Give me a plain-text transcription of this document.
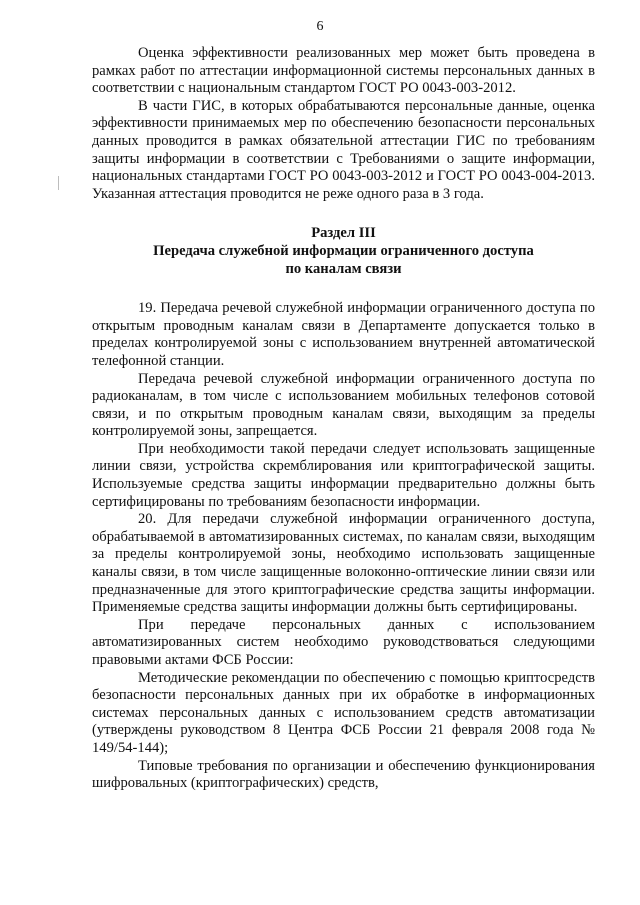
6

Оценка эффективности реализованных мер может быть проведена в рамках работ по аттестации информационной системы персональных данных в соответствии с национальным стандартом ГОСТ РО 0043-003-2012.

В части ГИС, в которых обрабатываются персональные данные, оценка эффективности принимаемых мер по обеспечению безопасности персональных данных проводится в рамках обязательной аттестации ГИС по требованиям защиты информации в соответствии с Требованиями о защите информации, национальных стандартами ГОСТ РО 0043-003-2012 и ГОСТ РО 0043-004-2013. Указанная аттестация проводится не реже одного раза в 3 года.

Раздел III
Передача служебной информации ограниченного доступа
по каналам связи

19. Передача речевой служебной информации ограниченного доступа по открытым проводным каналам связи в Департаменте допускается только в пределах контролируемой зоны с использованием внутренней автоматической телефонной станции.

Передача речевой служебной информации ограниченного доступа по радиоканалам, в том числе с использованием мобильных телефонов сотовой связи, и по открытым проводным каналам связи, выходящим за пределы контролируемой зоны, запрещается.

При необходимости такой передачи следует использовать защищенные линии связи, устройства скремблирования или криптографической защиты. Используемые средства защиты информации предварительно должны быть сертифицированы по требованиям безопасности информации.

20. Для передачи служебной информации ограниченного доступа, обрабатываемой в автоматизированных системах, по каналам связи, выходящим за пределы контролируемой зоны, необходимо использовать защищенные каналы связи, в том числе защищенные волоконно-оптические линии связи или предназначенные для этого криптографические средства защиты информации. Применяемые средства защиты информации должны быть сертифицированы.

При передаче персональных данных с использованием автоматизированных систем необходимо руководствоваться следующими правовыми актами ФСБ России:

Методические рекомендации по обеспечению с помощью криптосредств безопасности персональных данных при их обработке в информационных системах персональных данных с использованием средств автоматизации (утверждены руководством 8 Центра ФСБ России 21 февраля 2008 года № 149/54-144);

Типовые требования по организации и обеспечению функционирования шифровальных (криптографических) средств,
